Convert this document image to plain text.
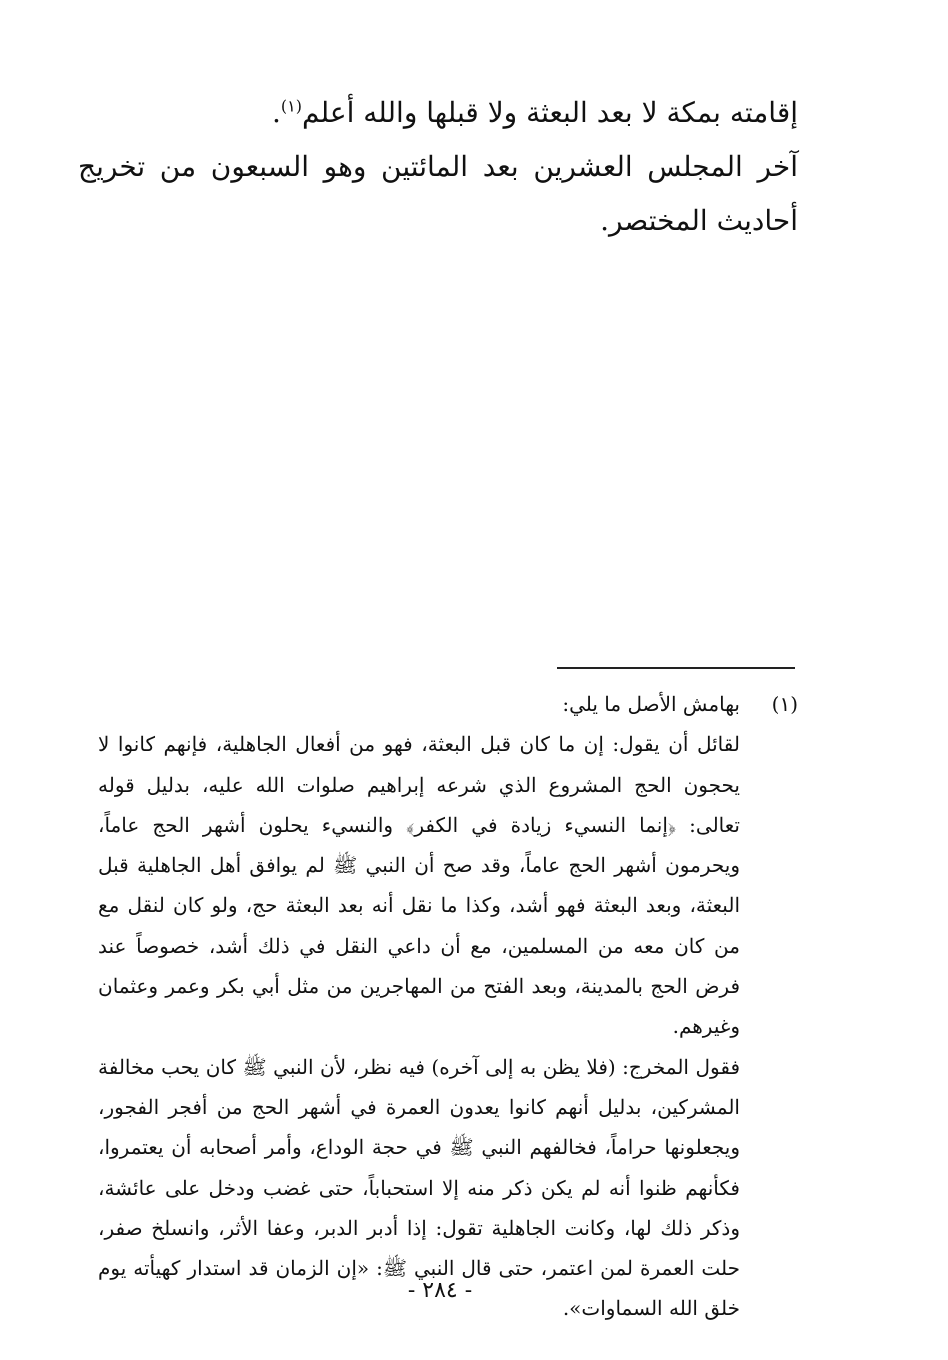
إقامته بمكة لا بعد البعثة ولا قبلها والله أعلم$^{(١)}$.

آخر المجلس العشرين بعد المائتين وهو السبعون من تخريج أحاديث المختصر.

(١)
بهامش الأصل ما يلي:

لقائل أن يقول: إن ما كان قبل البعثة، فهو من أفعال الجاهلية، فإنهم كانوا لا يحجون الحج المشروع الذي شرعه إبراهيم صلوات الله عليه، بدليل قوله تعالى: ﴿إنما النسيء زيادة في الكفر﴾ والنسيء يحلون أشهر الحج عاماً، ويحرمون أشهر الحج عاماً، وقد صح أن النبي ﷺ لم يوافق أهل الجاهلية قبل البعثة، وبعد البعثة فهو أشد، وكذا ما نقل أنه بعد البعثة حج، ولو كان لنقل مع من كان معه من المسلمين، مع أن داعي النقل في ذلك أشد، خصوصاً عند فرض الحج بالمدينة، وبعد الفتح من المهاجرين من مثل أبي بكر وعمر وعثمان وغيرهم.

فقول المخرج: (فلا يظن به إلى آخره) فيه نظر، لأن النبي ﷺ كان يحب مخالفة المشركين، بدليل أنهم كانوا يعدون العمرة في أشهر الحج من أفجر الفجور، ويجعلونها حراماً، فخالفهم النبي ﷺ في حجة الوداع، وأمر أصحابه أن يعتمروا، فكأنهم ظنوا أنه لم يكن ذكر منه إلا استحباباً، حتى غضب ودخل على عائشة، وذكر ذلك لها، وكانت الجاهلية تقول: إذا أدبر الدبر، وعفا الأثر، وانسلخ صفر، حلت العمرة لمن اعتمر، حتى قال النبي ﷺ: «إن الزمان قد استدار كهيأته يوم خلق الله السماوات».

- ٢٨٤ -
